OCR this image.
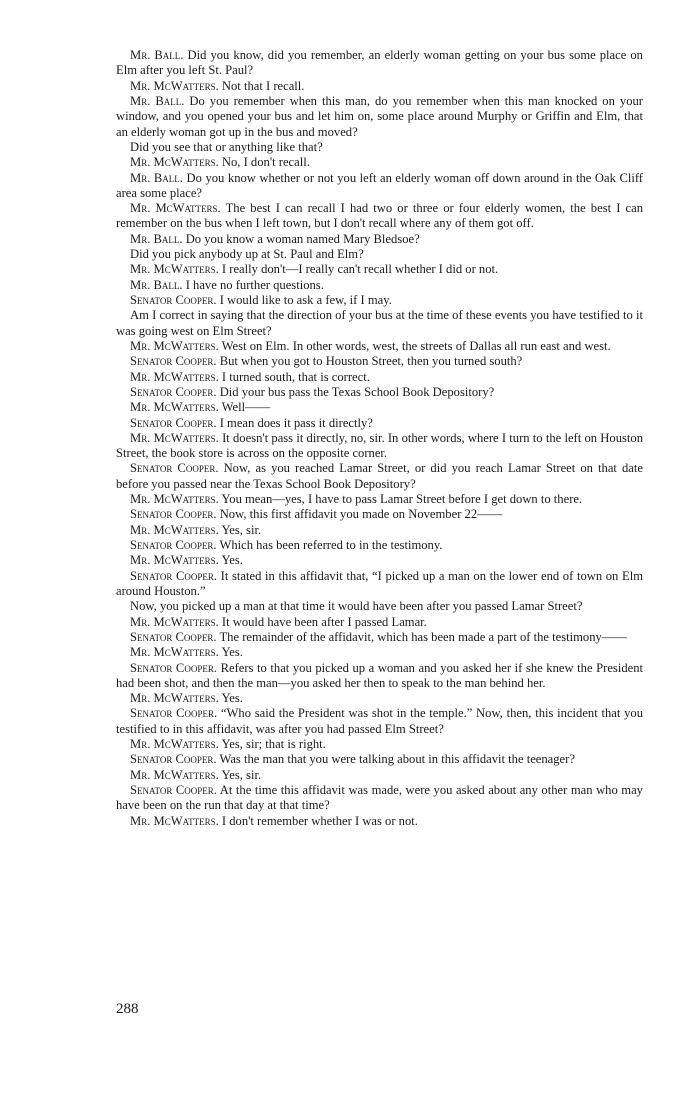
Mr. Ball. Did you know, did you remember, an elderly woman getting on your bus some place on Elm after you left St. Paul?

Mr. McWatters. Not that I recall.

Mr. Ball. Do you remember when this man, do you remember when this man knocked on your window, and you opened your bus and let him on, some place around Murphy or Griffin and Elm, that an elderly woman got up in the bus and moved?

Did you see that or anything like that?

Mr. McWatters. No, I don't recall.

Mr. Ball. Do you know whether or not you left an elderly woman off down around in the Oak Cliff area some place?

Mr. McWatters. The best I can recall I had two or three or four elderly women, the best I can remember on the bus when I left town, but I don't recall where any of them got off.

Mr. Ball. Do you know a woman named Mary Bledsoe?

Did you pick anybody up at St. Paul and Elm?

Mr. McWatters. I really don't—I really can't recall whether I did or not.

Mr. Ball. I have no further questions.

Senator Cooper. I would like to ask a few, if I may.

Am I correct in saying that the direction of your bus at the time of these events you have testified to it was going west on Elm Street?

Mr. McWatters. West on Elm. In other words, west, the streets of Dallas all run east and west.

Senator Cooper. But when you got to Houston Street, then you turned south?

Mr. McWatters. I turned south, that is correct.

Senator Cooper. Did your bus pass the Texas School Book Depository?

Mr. McWatters. Well——

Senator Cooper. I mean does it pass it directly?

Mr. McWatters. It doesn't pass it directly, no, sir. In other words, where I turn to the left on Houston Street, the book store is across on the opposite corner.

Senator Cooper. Now, as you reached Lamar Street, or did you reach Lamar Street on that date before you passed near the Texas School Book Depository?

Mr. McWatters. You mean—yes, I have to pass Lamar Street before I get down to there.

Senator Cooper. Now, this first affidavit you made on November 22——

Mr. McWatters. Yes, sir.

Senator Cooper. Which has been referred to in the testimony.

Mr. McWatters. Yes.

Senator Cooper. It stated in this affidavit that, “I picked up a man on the lower end of town on Elm around Houston.”

Now, you picked up a man at that time it would have been after you passed Lamar Street?

Mr. McWatters. It would have been after I passed Lamar.

Senator Cooper. The remainder of the affidavit, which has been made a part of the testimony——

Mr. McWatters. Yes.

Senator Cooper. Refers to that you picked up a woman and you asked her if she knew the President had been shot, and then the man—you asked her then to speak to the man behind her.

Mr. McWatters. Yes.

Senator Cooper. “Who said the President was shot in the temple.” Now, then, this incident that you testified to in this affidavit, was after you had passed Elm Street?

Mr. McWatters. Yes, sir; that is right.

Senator Cooper. Was the man that you were talking about in this affidavit the teenager?

Mr. McWatters. Yes, sir.

Senator Cooper. At the time this affidavit was made, were you asked about any other man who may have been on the run that day at that time?

Mr. McWatters. I don't remember whether I was or not.

288
